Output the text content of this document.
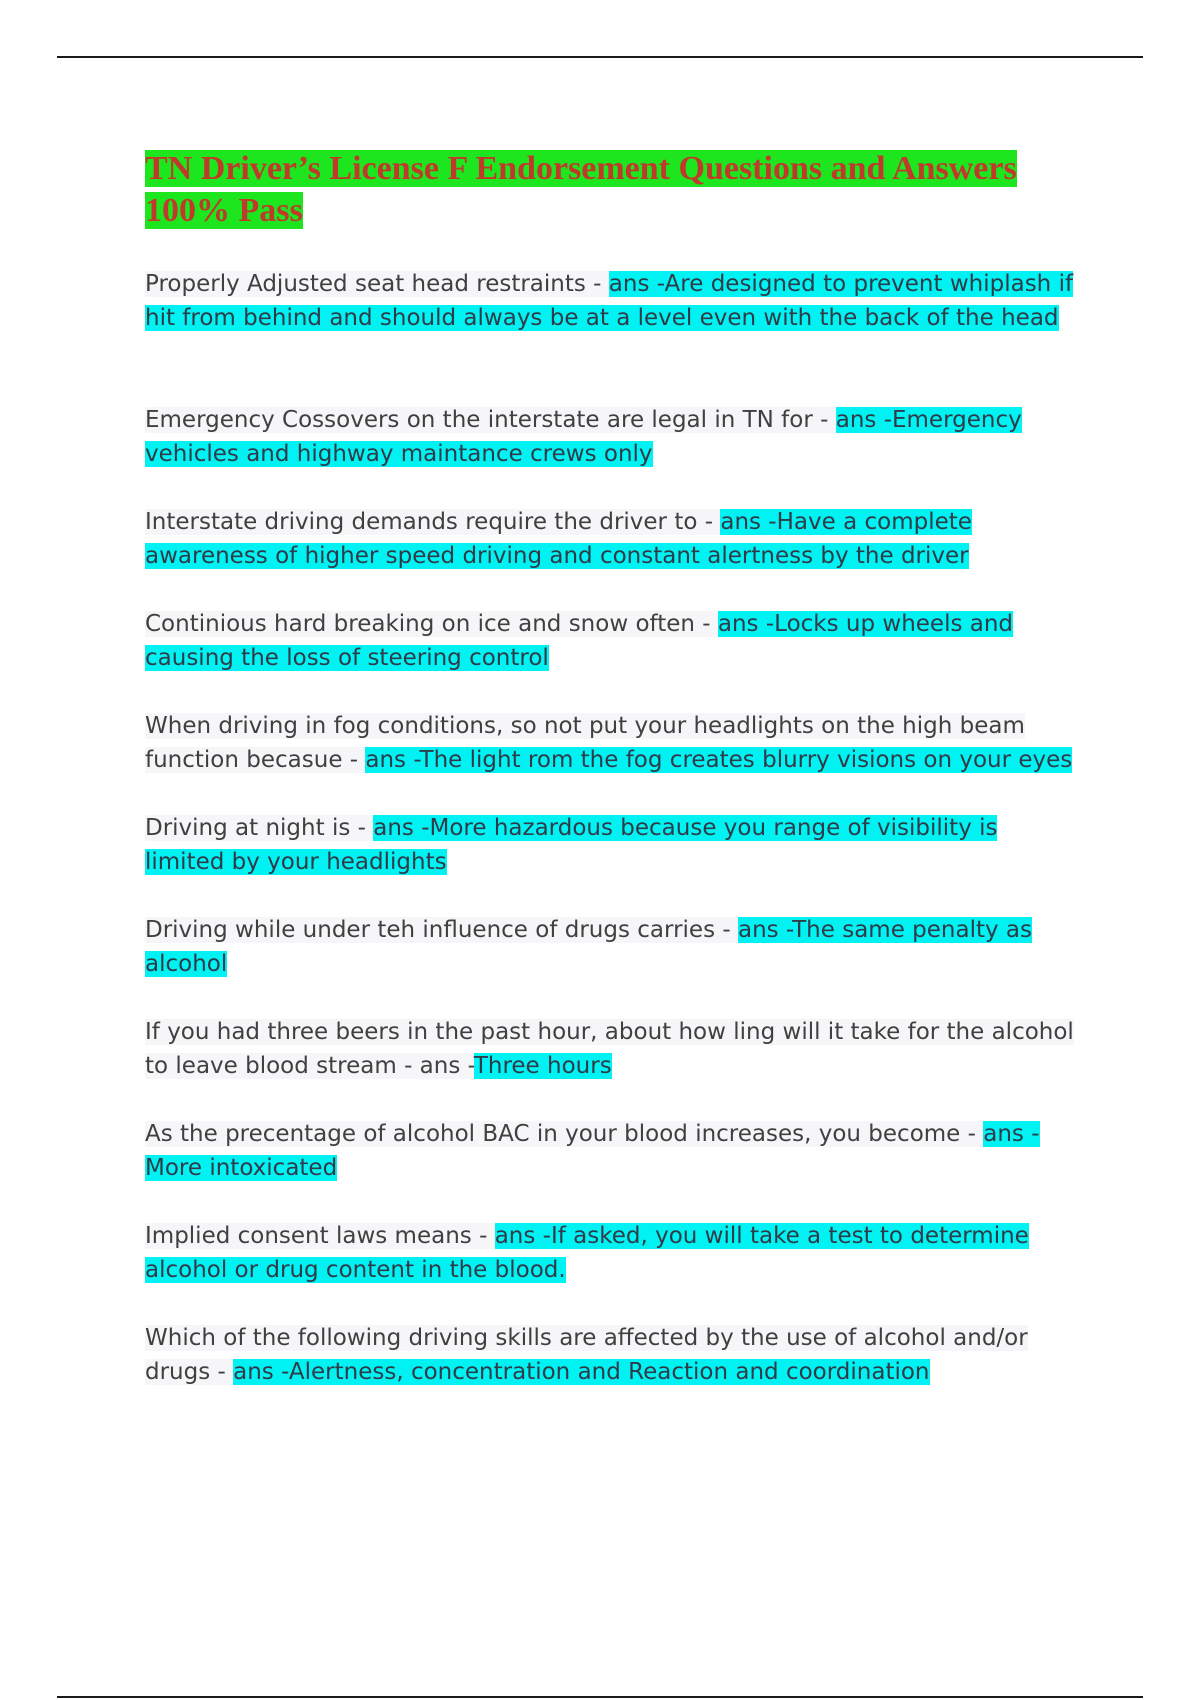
TN Driver’s License F Endorsement Questions and Answers 100% Pass

Properly Adjusted seat head restraints - ans -Are designed to prevent whiplash if hit from behind and should always be at a level even with the back of the head

Emergency Cossovers on the interstate are legal in TN for - ans -Emergency vehicles and highway maintance crews only

Interstate driving demands require the driver to - ans -Have a complete awareness of higher speed driving and constant alertness by the driver

Continious hard breaking on ice and snow often - ans -Locks up wheels and causing the loss of steering control

When driving in fog conditions, so not put your headlights on the high beam function becasue - ans -The light rom the fog creates blurry visions on your eyes

Driving at night is - ans -More hazardous because you range of visibility is limited by your headlights

Driving while under teh influence of drugs carries - ans -The same penalty as alcohol

If you had three beers in the past hour, about how ling will it take for the alcohol to leave blood stream - ans -Three hours

As the precentage of alcohol BAC in your blood increases, you become - ans -More intoxicated

Implied consent laws means - ans -If asked, you will take a test to determine alcohol or drug content in the blood.

Which of the following driving skills are affected by the use of alcohol and/or drugs - ans -Alertness, concentration and Reaction and coordination
